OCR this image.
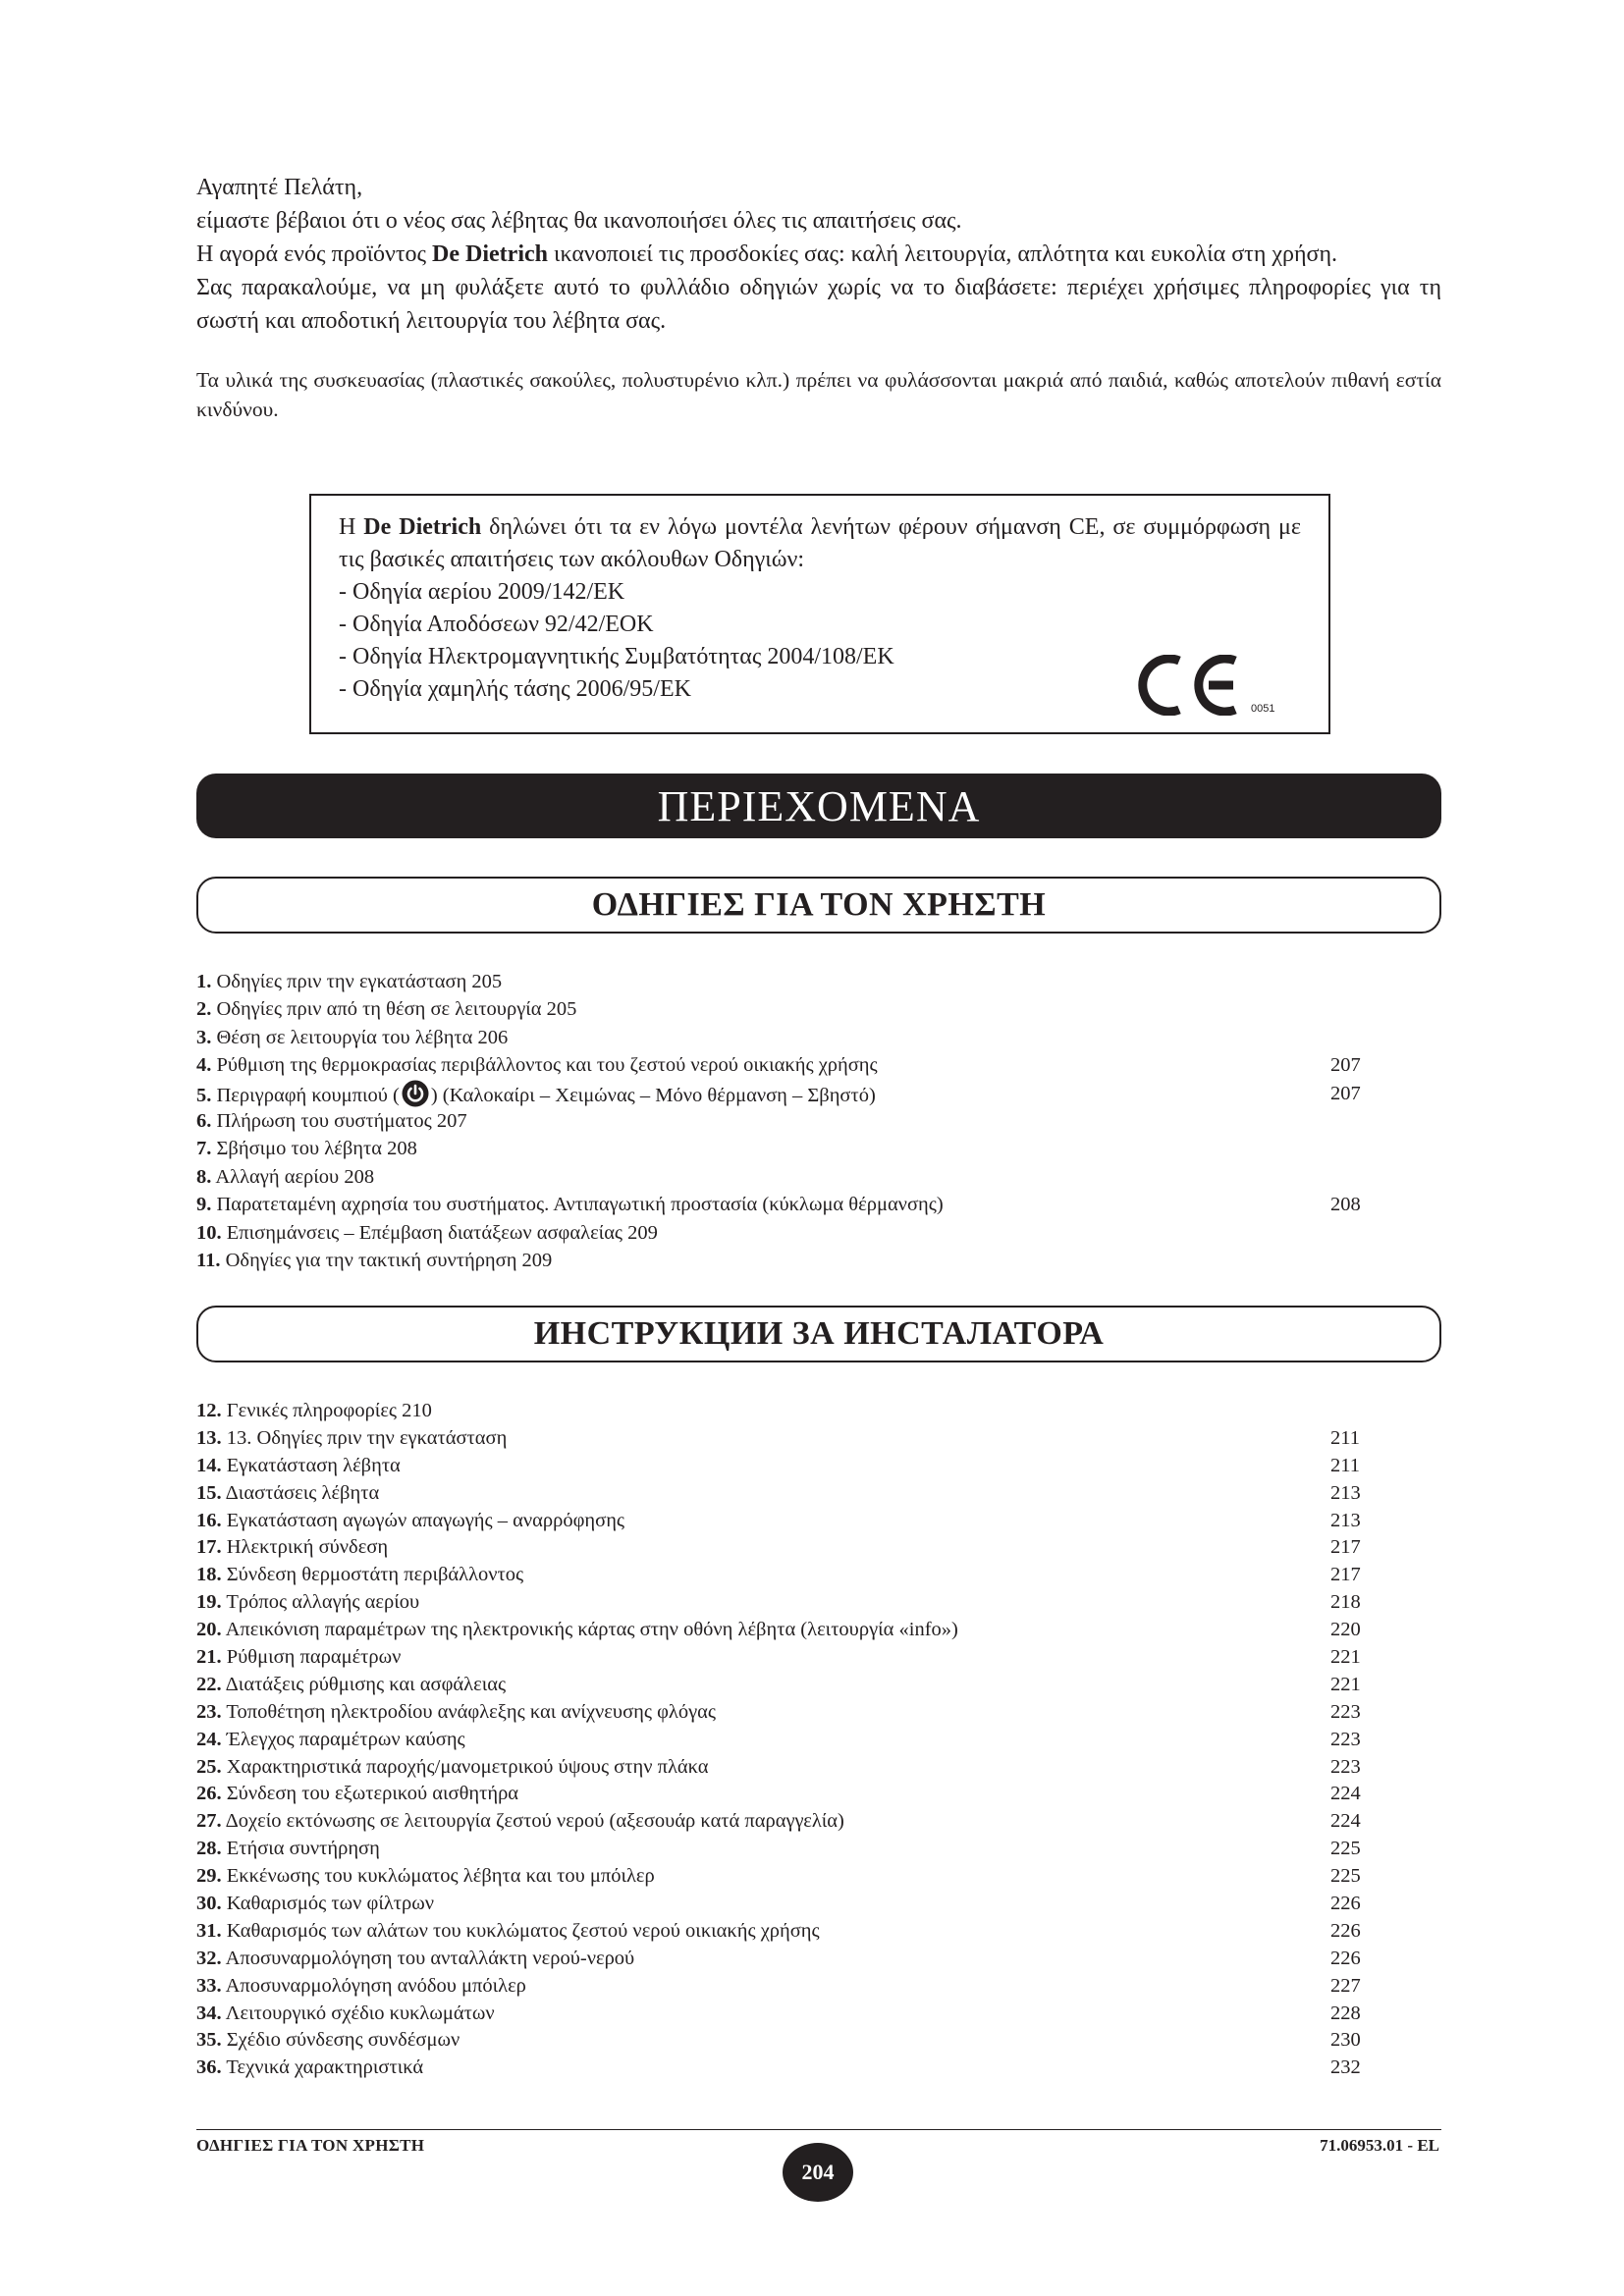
Αγαπητέ Πελάτη,

είμαστε βέβαιοι ότι ο νέος σας λέβητας θα ικανοποιήσει όλες τις απαιτήσεις σας.

Η αγορά ενός προϊόντος De Dietrich ικανοποιεί τις προσδοκίες σας: καλή λειτουργία, απλότητα και ευκολία στη χρήση.

Σας παρακαλούμε, να μη φυλάξετε αυτό το φυλλάδιο οδηγιών χωρίς να το διαβάσετε: περιέχει χρήσιμες πληροφορίες για τη σωστή και αποδοτική λειτουργία του λέβητα σας.

Τα υλικά της συσκευασίας (πλαστικές σακούλες, πολυστυρένιο κλπ.) πρέπει να φυλάσσονται μακριά από παιδιά, καθώς αποτελούν πιθανή εστία κινδύνου.

Η De Dietrich δηλώνει ότι τα εν λόγω μοντέλα λενήτων φέρουν σήμανση CE, σε συμμόρφωση με τις βασικές απαιτήσεις των ακόλουθων Οδηγιών:

- Οδηγία αερίου 2009/142/ΕΚ

- Οδηγία Αποδόσεων 92/42/ΕΟΚ

- Οδηγία Ηλεκτρομαγνητικής Συμβατότητας 2004/108/ΕΚ

- Οδηγία χαμηλής τάσης 2006/95/ΕΚ

0051
ΠΕΡΙΕΧΟΜΕΝΑ
ΟΔΗΓΙΕΣ ΓΙΑ ΤΟΝ ΧΡΗΣΤΗ
1. Οδηγίες πριν την εγκατάσταση 205
2. Οδηγίες πριν από τη θέση σε λειτουργία 205
3. Θέση σε λειτουργία του λέβητα 206
4. Ρύθμιση της θερμοκρασίας περιβάλλοντος και του ζεστού νερού οικιακής χρήσης	207
5. Περιγραφή κουμπιού ( ) (Καλοκαίρι – Χειμώνας – Μόνο θέρμανση – Σβηστό)	207
6. Πλήρωση του συστήματος 207
7. Σβήσιμο του λέβητα 208
8. Αλλαγή αερίου 208
9. Παρατεταμένη αχρησία του συστήματος. Αντιπαγωτική προστασία (κύκλωμα θέρμανσης)	208
10. Επισημάνσεις – Επέμβαση διατάξεων ασφαλείας 209
11. Οδηγίες για την τακτική συντήρηση 209
ИНСТРУКЦИИ ЗА ИНСТАЛАТОРА
12. Γενικές πληροφορίες 210
13. 13. Οδηγίες πριν την εγκατάσταση	211
14. Εγκατάσταση λέβητα	211
15. Διαστάσεις λέβητα	213
16. Εγκατάσταση αγωγών απαγωγής – αναρρόφησης	213
17. Ηλεκτρική σύνδεση	217
18. Σύνδεση θερμοστάτη περιβάλλοντος	217
19. Τρόπος αλλαγής αερίου	218
20. Απεικόνιση παραμέτρων της ηλεκτρονικής κάρτας στην οθόνη λέβητα (λειτουργία «info»)	220
21. Ρύθμιση παραμέτρων	221
22. Διατάξεις ρύθμισης και ασφάλειας	221
23. Τοποθέτηση ηλεκτροδίου ανάφλεξης και ανίχνευσης φλόγας	223
24. Έλεγχος παραμέτρων καύσης	223
25. Χαρακτηριστικά παροχής/μανομετρικού ύψους στην πλάκα	223
26. Σύνδεση του εξωτερικού αισθητήρα	224
27. Δοχείο εκτόνωσης σε λειτουργία ζεστού νερού (αξεσουάρ κατά παραγγελία)	224
28. Ετήσια συντήρηση	225
29. Εκκένωσης του κυκλώματος λέβητα και του μπόιλερ	225
30. Καθαρισμός των φίλτρων	226
31. Καθαρισμός των αλάτων του κυκλώματος ζεστού νερού οικιακής χρήσης	226
32. Αποσυναρμολόγηση του ανταλλάκτη νερού-νερού	226
33. Αποσυναρμολόγηση ανόδου μπόιλερ	227
34. Λειτουργικό σχέδιο κυκλωμάτων	228
35. Σχέδιο σύνδεσης συνδέσμων	230
36. Τεχνικά χαρακτηριστικά	232
ΟΔΗΓΙΕΣ ΓΙΑ ΤΟΝ ΧΡΗΣΤΗ
204
71.06953.01 - EL
